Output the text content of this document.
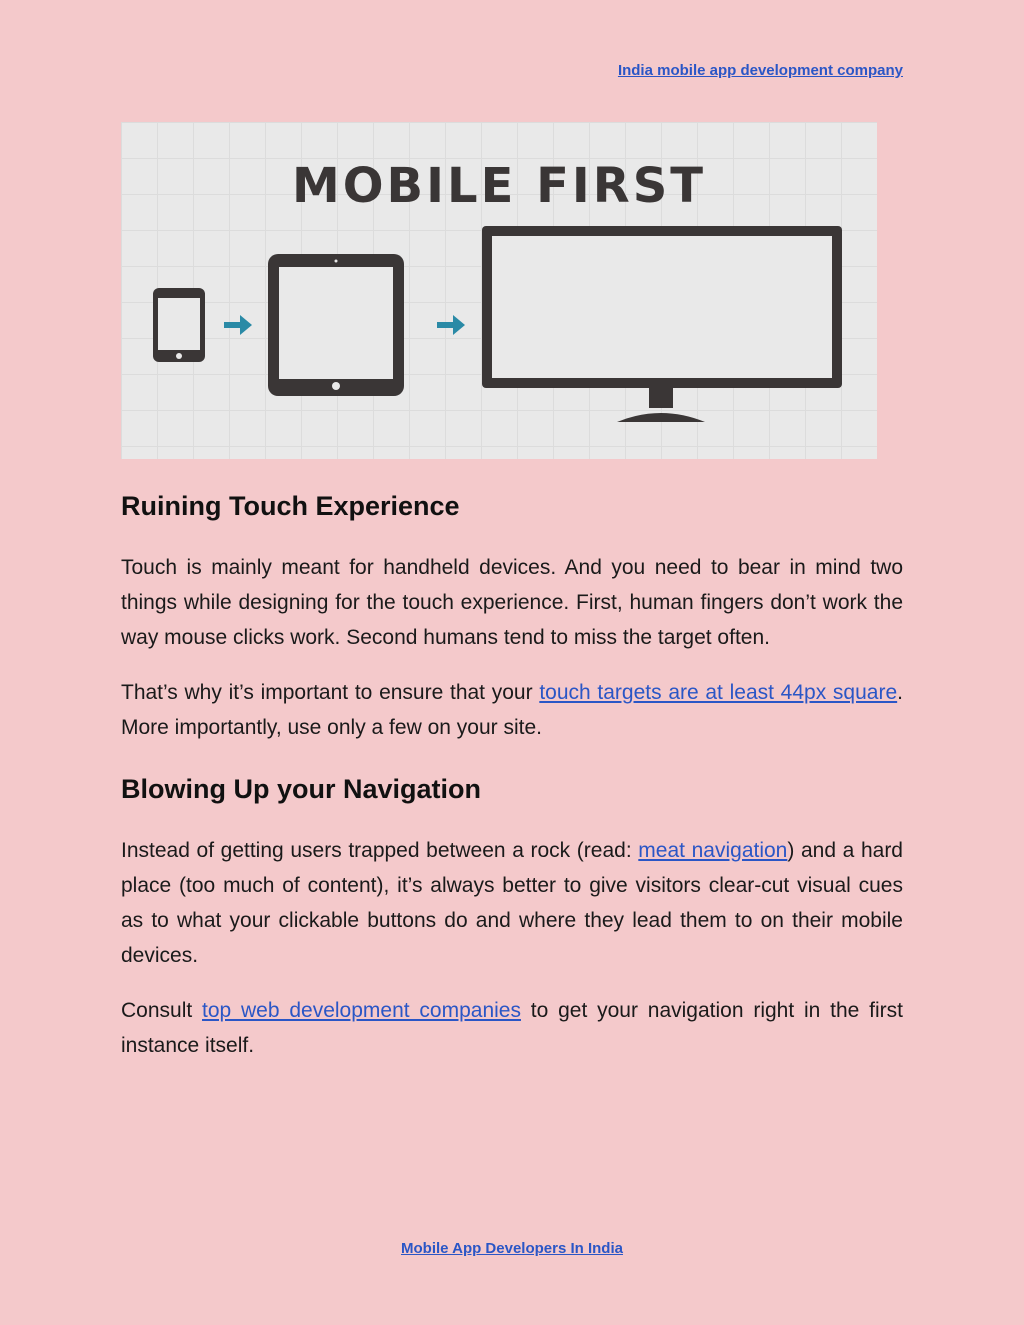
India mobile app development company
MOBILE FIRST
Ruining Touch Experience

Touch is mainly meant for handheld devices. And you need to bear in mind two things while designing for the touch experience. First, human fingers don’t work the way mouse clicks work. Second humans tend to miss the target often.

That’s why it’s important to ensure that your touch targets are at least 44px square. More importantly, use only a few on your site.

Blowing Up your Navigation

Instead of getting users trapped between a rock (read: meat navigation) and a hard place (too much of content), it’s always better to give visitors clear-cut visual cues as to what your clickable buttons do and where they lead them to on their mobile devices.

Consult top web development companies to get your navigation right in the first instance itself.

Mobile App Developers In India
